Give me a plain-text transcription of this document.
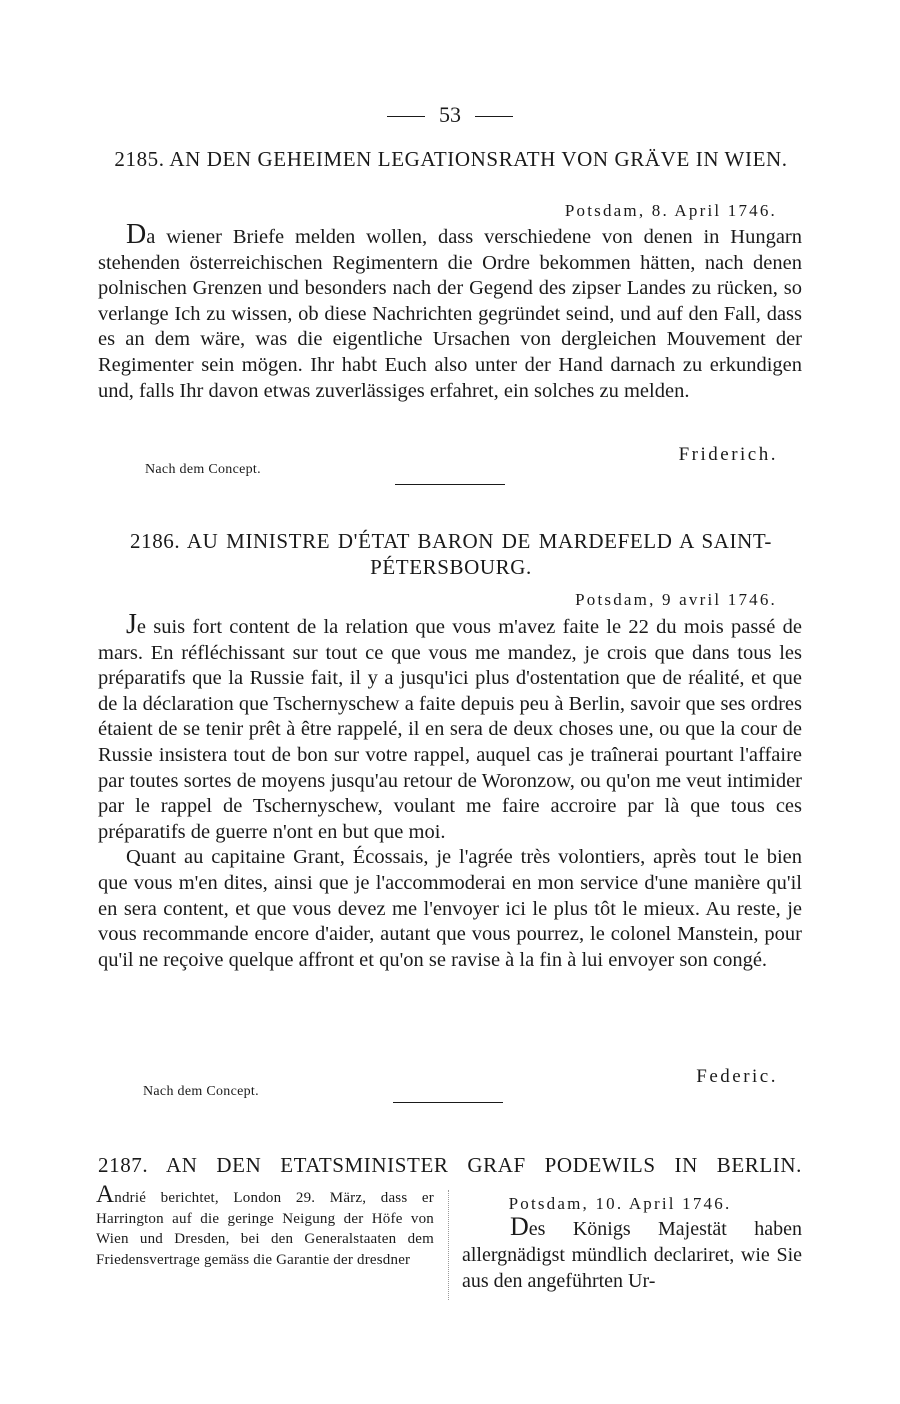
53
2185. AN DEN GEHEIMEN LEGATIONSRATH VON GRÄVE IN WIEN.
Potsdam, 8. April 1746.

Da wiener Briefe melden wollen, dass verschiedene von denen in Hungarn stehenden österreichischen Regimentern die Ordre bekommen hätten, nach denen polnischen Grenzen und besonders nach der Gegend des zipser Landes zu rücken, so verlange Ich zu wissen, ob diese Nachrichten gegründet seind, und auf den Fall, dass es an dem wäre, was die eigentliche Ursachen von dergleichen Mouvement der Regimenter sein mögen. Ihr habt Euch also unter der Hand darnach zu erkundigen und, falls Ihr davon etwas zuverlässiges erfahret, ein solches zu melden.

Friderich.
Nach dem Concept.
2186. AU MINISTRE D'ÉTAT BARON DE MARDEFELD A SAINT-PÉTERSBOURG.
Potsdam, 9 avril 1746.

Je suis fort content de la relation que vous m'avez faite le 22 du mois passé de mars. En réfléchissant sur tout ce que vous me mandez, je crois que dans tous les préparatifs que la Russie fait, il y a jusqu'ici plus d'ostentation que de réalité, et que de la déclaration que Tschernyschew a faite depuis peu à Berlin, savoir que ses ordres étaient de se tenir prêt à être rappelé, il en sera de deux choses une, ou que la cour de Russie insistera tout de bon sur votre rappel, auquel cas je traînerai pourtant l'affaire par toutes sortes de moyens jusqu'au retour de Woronzow, ou qu'on me veut intimider par le rappel de Tschernyschew, voulant me faire accroire par là que tous ces préparatifs de guerre n'ont en but que moi.

Quant au capitaine Grant, Écossais, je l'agrée très volontiers, après tout le bien que vous m'en dites, ainsi que je l'accommoderai en mon service d'une manière qu'il en sera content, et que vous devez me l'envoyer ici le plus tôt le mieux. Au reste, je vous recommande encore d'aider, autant que vous pourrez, le colonel Manstein, pour qu'il ne reçoive quelque affront et qu'on se ravise à la fin à lui envoyer son congé.

Federic.
Nach dem Concept.
2187. AN DEN ETATSMINISTER GRAF PODEWILS IN BERLIN.
Andrié berichtet, London 29. März, dass er Harrington auf die geringe Neigung der Höfe von Wien und Dresden, bei den Generalstaaten dem Friedensvertrage gemäss die Garantie der dresdner
Potsdam, 10. April 1746.
Des Königs Majestät haben allergnädigst mündlich declariret, wie Sie aus den angeführten Ur-
